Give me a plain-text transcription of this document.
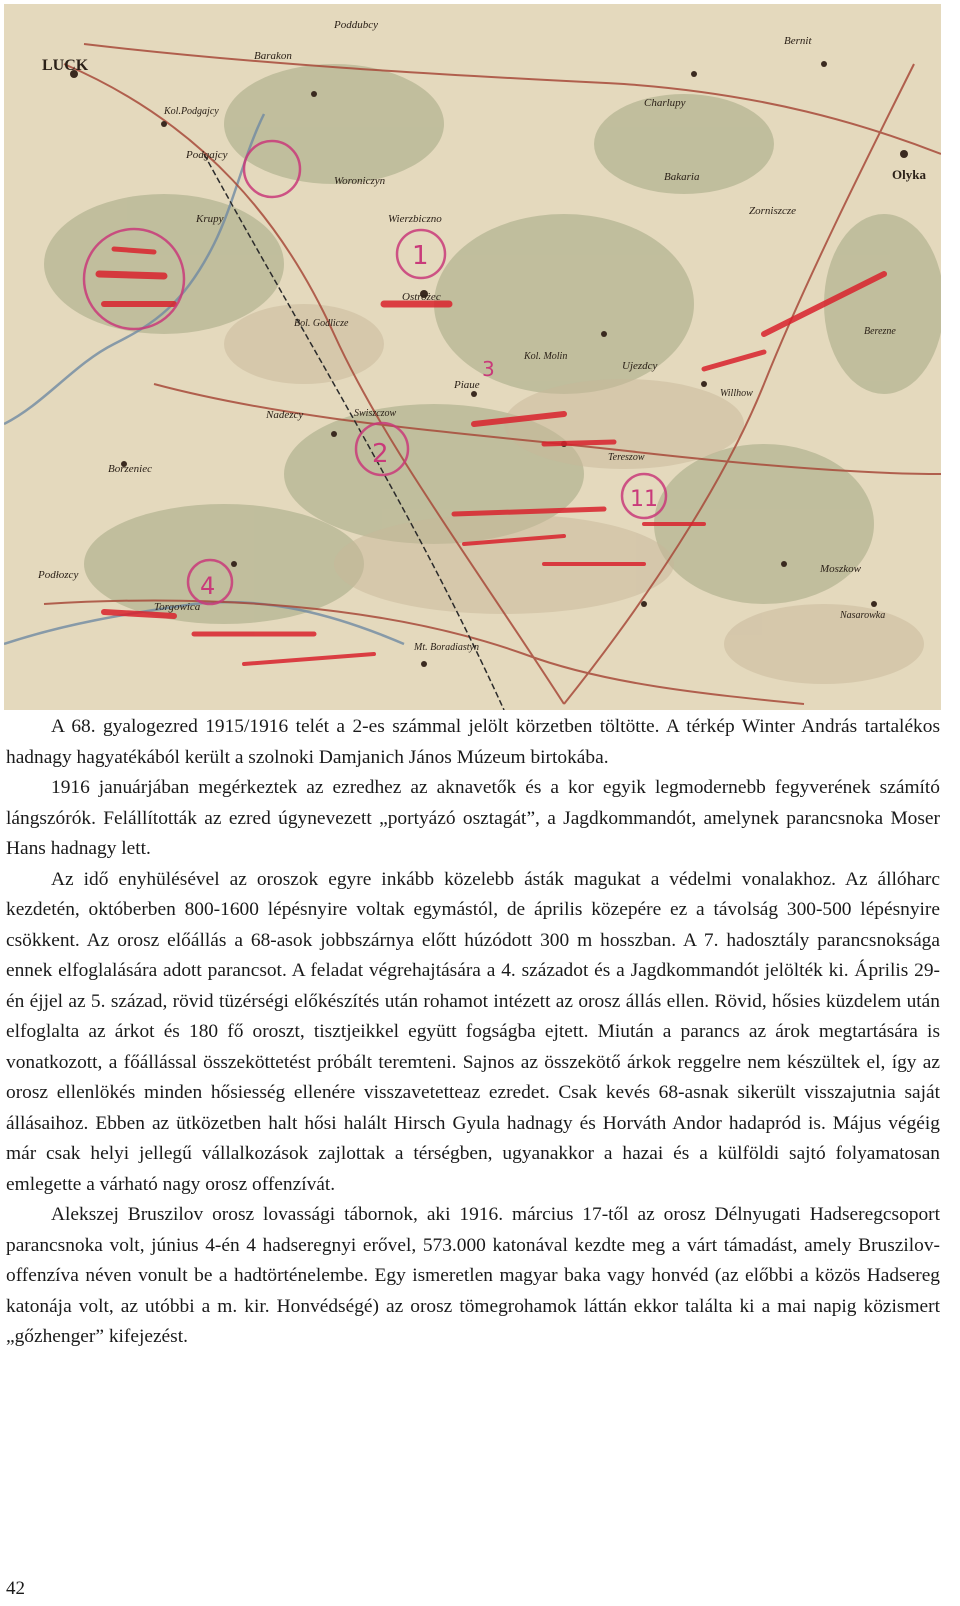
LUCK
Poddubcy
Bernit
Podgajcy
Kol.Podgajcy
Barakon
Charlupy
Krupy
Woroniczyn
Wierzbiczno
Olyka
Zorniszcze
Bakaria
Ostrożec
Bol. Godlicze
Piaue
Swiszczow
Nadezcy
Ujezdcy
Willhow
Kol. Molin
Tereszow
Borzeniec
Podłozcy
Torgowica
Mt. Boradiastyn
Moszkow
Nasarowka
Berezne
1
2
3
4
11

A 68. gyalogezred 1915/1916 telét a 2-es számmal jelölt körzetben töltötte. A térkép Winter András tartalékos hadnagy hagyatékából került a szolnoki Damjanich János Múzeum birtokába.

1916 januárjában megérkeztek az ezredhez az aknavetők és a kor egyik legmodernebb fegyverének számító lángszórók. Felállították az ezred úgynevezett „portyázó osztagát”, a Jagdkommandót, amelynek parancsnoka Moser Hans hadnagy lett.

Az idő enyhülésével az oroszok egyre inkább közelebb ásták magukat a védelmi vonalakhoz. Az állóharc kezdetén, októberben 800-1600 lépésnyire voltak egymástól, de április közepére ez a távolság 300-500 lépésnyire csökkent. Az orosz előállás a 68-asok jobbszárnya előtt húzódott 300 m hosszban. A 7. hadosztály parancsnoksága ennek elfoglalására adott parancsot. A feladat végrehajtására a 4. századot és a Jagdkommandót jelölték ki. Április 29-én éjjel az 5. század, rövid tüzérségi előkészítés után rohamot intézett az orosz állás ellen. Rövid, hősies küzdelem után elfoglalta az árkot és 180 fő oroszt, tisztjeikkel együtt fogságba ejtett. Miután a parancs az árok megtartására is vonatkozott, a főállással összeköttetést próbált teremteni. Sajnos az összekötő árkok reggelre nem készültek el, így az orosz ellenlökés minden hősiesség ellenére visszavetetteaz ezredet. Csak kevés 68-asnak sikerült visszajutnia saját állásaihoz. Ebben az ütközetben halt hősi halált Hirsch Gyula hadnagy és Horváth Andor hadapród is. Május végéig már csak helyi jellegű vállalkozások zajlottak a térségben, ugyanakkor a hazai és a külföldi sajtó folyamatosan emlegette a várható nagy orosz offenzívát.

Alekszej Bruszilov orosz lovassági tábornok, aki 1916. március 17-től az orosz Délnyugati Hadseregcsoport parancsnoka volt, június 4-én 4 hadseregnyi erővel, 573.000 katonával kezdte meg a várt támadást, amely Bruszilov-offenzíva néven vonult be a hadtörténelembe. Egy ismeretlen magyar baka vagy honvéd (az előbbi a közös Hadsereg katonája volt, az utóbbi a m. kir. Honvédségé) az orosz tömegrohamok láttán ekkor találta ki a mai napig közismert „gőzhenger” kifejezést.

42
